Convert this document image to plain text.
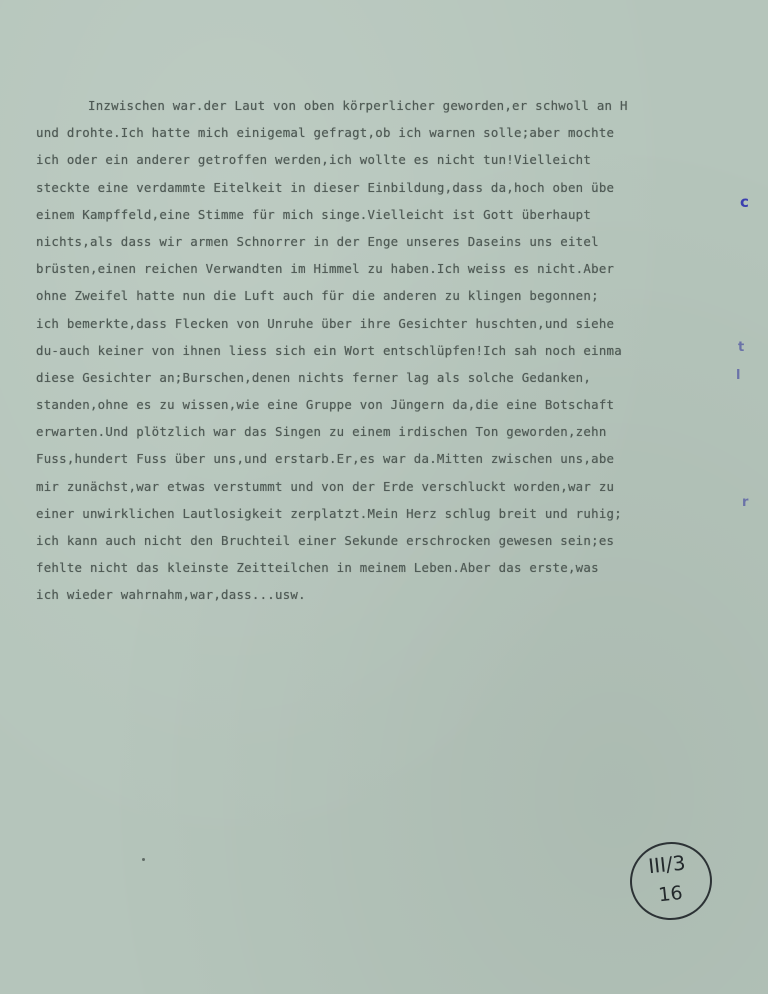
Inzwischen war.der Laut von oben körperlicher geworden,er schwoll an H
und drohte.Ich hatte mich einigemal gefragt,ob ich warnen solle;aber mochte
ich oder ein anderer getroffen werden,ich wollte es nicht tun!Vielleicht
steckte eine verdammte Eitelkeit in dieser Einbildung,dass da,hoch oben übe
einem Kampffeld,eine Stimme für mich singe.Vielleicht ist Gott überhaupt
nichts,als dass wir armen Schnorrer in der Enge unseres Daseins uns eitel
brüsten,einen reichen Verwandten im Himmel zu haben.Ich weiss es nicht.Aber
ohne Zweifel hatte nun die Luft auch für die anderen zu klingen begonnen;
ich bemerkte,dass Flecken von Unruhe über ihre Gesichter huschten,und siehe
du-auch keiner von ihnen liess sich ein Wort entschlüpfen!Ich sah noch einma
diese Gesichter an;Burschen,denen nichts ferner lag als solche Gedanken,
standen,ohne es zu wissen,wie eine Gruppe von Jüngern da,die eine Botschaft
erwarten.Und plötzlich war das Singen zu einem irdischen Ton geworden,zehn
Fuss,hundert Fuss über uns,und erstarb.Er,es war da.Mitten zwischen uns,abe
mir zunächst,war etwas verstummt und von der Erde verschluckt worden,war zu
einer unwirklichen Lautlosigkeit zerplatzt.Mein Herz schlug breit und ruhig;
ich kann auch nicht den Bruchteil einer Sekunde erschrocken gewesen sein;es
fehlte nicht das kleinste Zeitteilchen in meinem Leben.Aber das erste,was
ich wieder wahrnahm,war,dass...usw.
c
t
l
r
III/3
16
